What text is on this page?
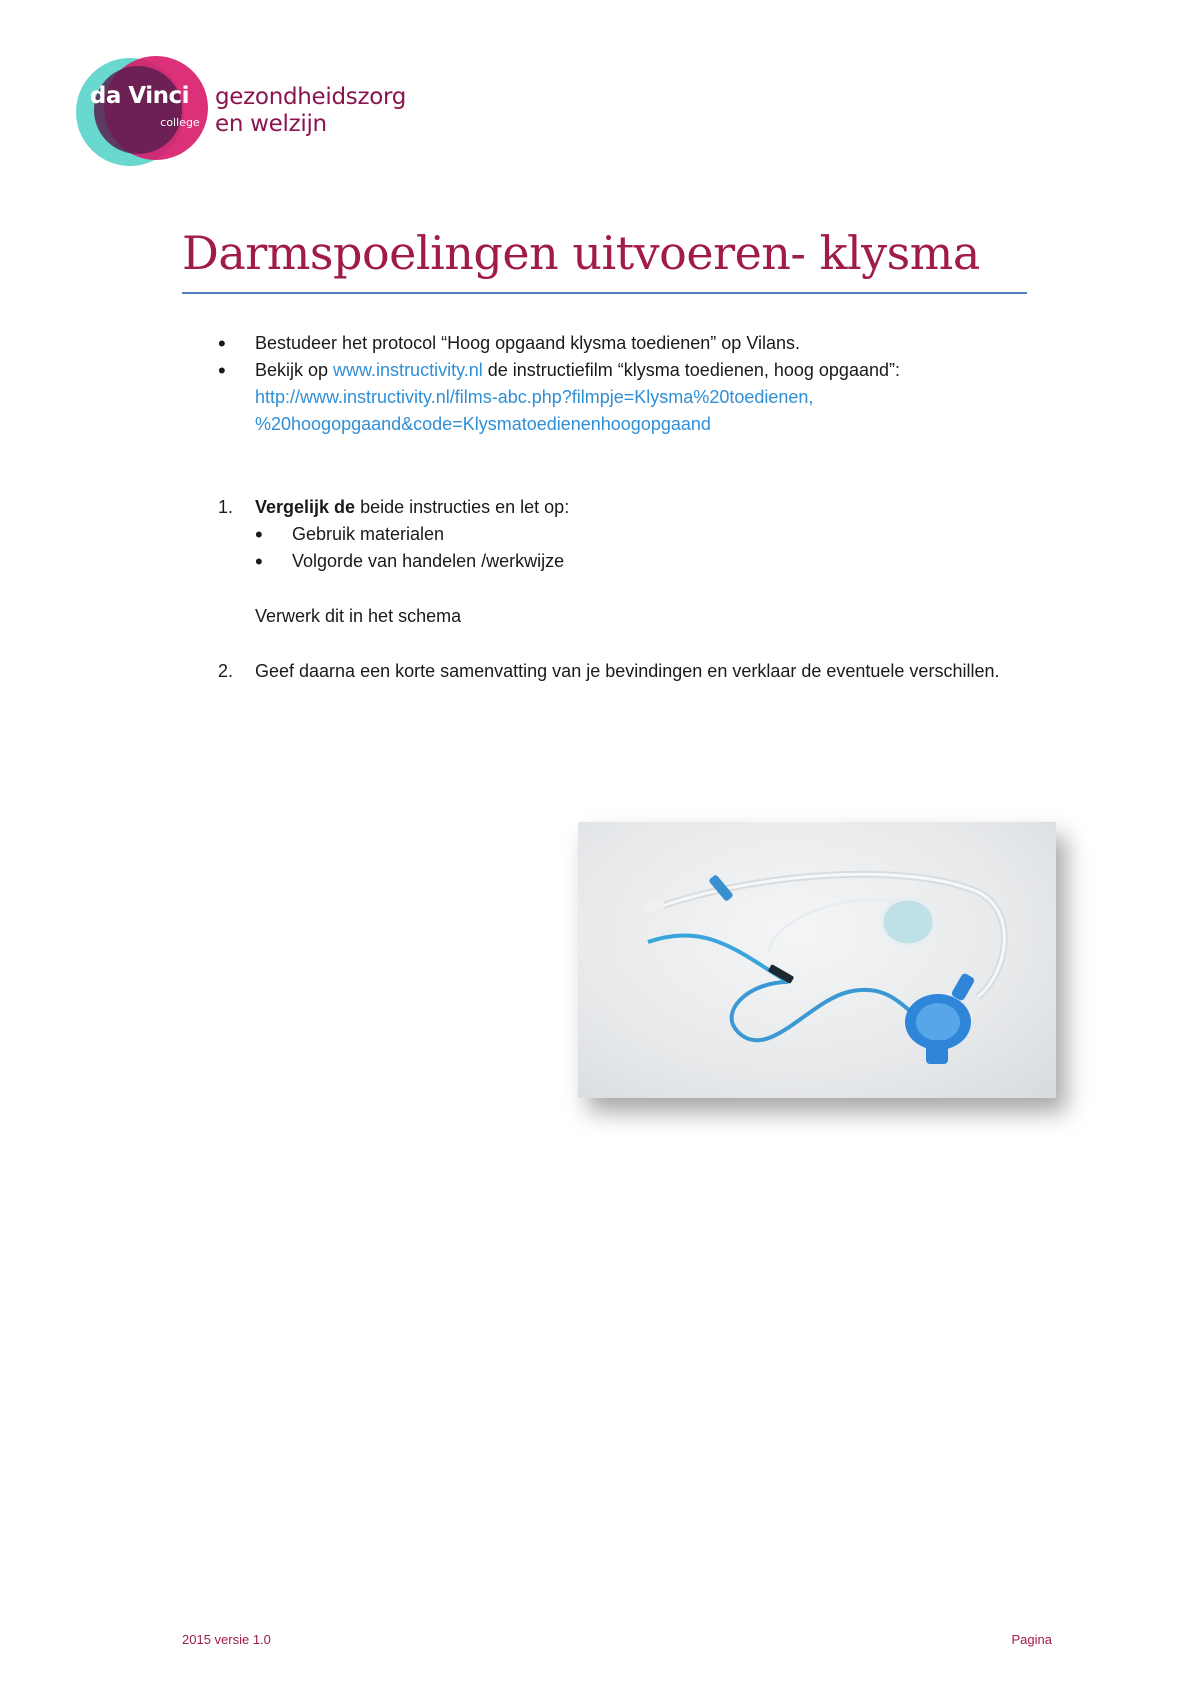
da Vinci
college
gezondheidszorg
en welzijn
Darmspoelingen uitvoeren- klysma
• Bestudeer het protocol “Hoog opgaand klysma toedienen” op Vilans.
• Bekijk op www.instructivity.nl de instructiefilm “klysma toedienen, hoog opgaand”:
http://www.instructivity.nl/films-abc.php?filmpje=Klysma%20toedienen,
%20hoogopgaand&code=Klysmatoedienenhoogopgaand
1. Vergelijk de beide instructies en let op:
• Gebruik materialen
• Volgorde van handelen /werkwijze
Verwerk dit in het schema
2. Geef daarna een korte samenvatting van je bevindingen en verklaar de eventuele verschillen.
2015 versie 1.0	Pagina
